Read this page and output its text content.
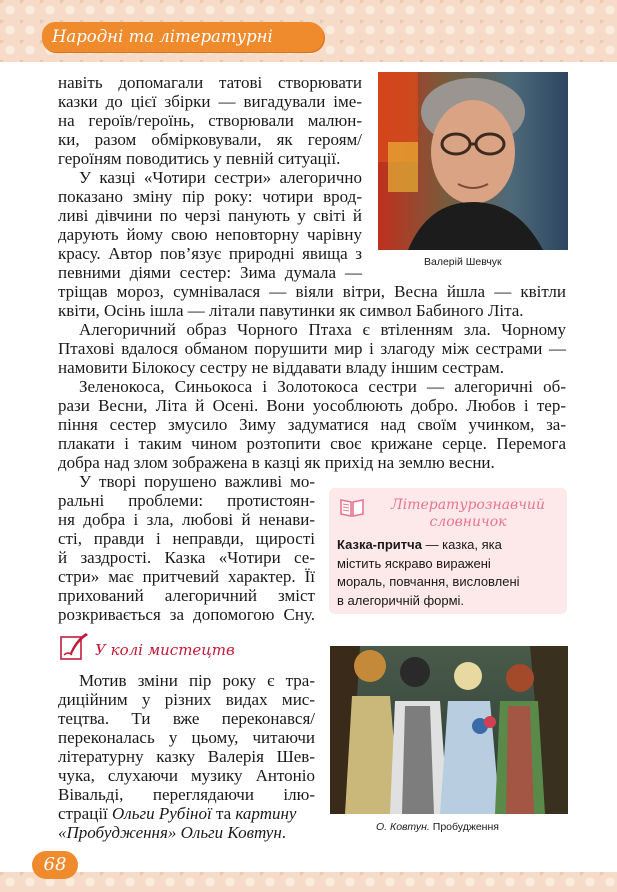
Народні та літературні казки
навіть допомагали татові створювати
казки до цієї збірки — вигадували іме-
на героїв/героїнь, створювали малюн-
ки, разом обмірковували, як героям/
героїням поводитись у певній ситуації.
У казці «Чотири сестри» алегорично
показано зміну пір року: чотири врод-
ливі дівчини по черзі панують у світі й
дарують йому свою неповторну чарівну
красу. Автор пов’язує природні явища з
певними діями сестер: Зима думала —
тріщав мороз, сумнівалася — віяли вітри, Весна йшла — квітли
квіти, Осінь ішла — літали павутинки як символ Бабиного Літа.
Алегоричний образ Чорного Птаха є втіленням зла. Чорному
Птахові вдалося обманом порушити мир і злагоду між сестрами —
намовити Білокосу сестру не віддавати владу іншим сестрам.
Зеленокоса, Синьокоса і Золотокоса сестри — алегоричні об-
рази Весни, Літа й Осені. Вони уособлюють добро. Любов і тер-
піння сестер змусило Зиму задуматися над своїм учинком, за-
плакати і таким чином розтопити своє крижане серце. Перемога
добра над злом зображена в казці як прихід на землю весни.
У творі порушено важливі мо-
ральні проблеми: протистоян-
ня добра і зла, любові й ненави-
сті, правди і неправди, щирості
й заздрості. Казка «Чотири се-
стри» має притчевий характер. Її
прихований алегоричний зміст
розкривається за допомогою Сну.
Валерій Шевчук
Літературознавчий
словничок
Казка-притча — казка, яка
містить яскраво виражені
мораль, повчання, висловлені
в алегоричній формі.
У колі мистецтв
Мотив зміни пір року є тра-
диційним у різних видах мис-
тецтва. Ти вже переконався/
переконалась у цьому, читаючи
літературну казку Валерія Шев-
чука, слухаючи музику Антоніо
Вівальді, переглядаючи ілю-
страції Ольги Рубіної та картину
«Пробудження» Ольги Ковтун.	О. Ковтун. Пробудження
68
